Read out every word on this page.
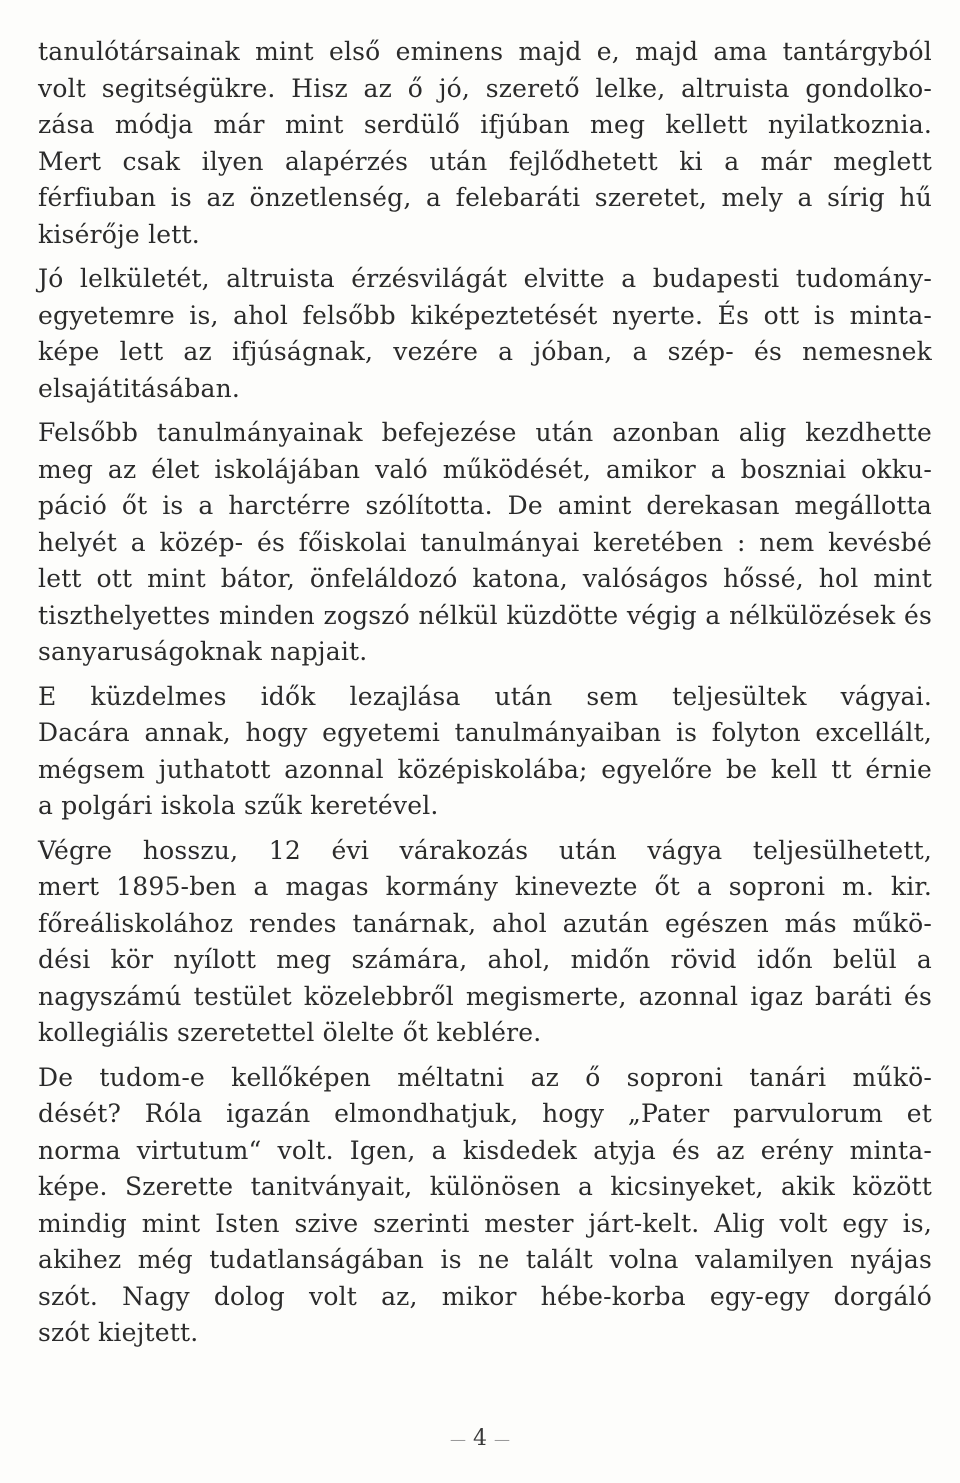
tanulótársainak mint első eminens majd e, majd ama tantárgyból
volt segitségükre. Hisz az ő jó, szerető lelke, altruista gondolko-
zása módja már mint serdülő ifjúban meg kellett nyilatkoznia.
Mert csak ilyen alapérzés után fejlődhetett ki a már meglett
férfiuban is az önzetlenség, a felebaráti szeretet, mely a sírig hű
kisérője lett.
Jó lelkületét, altruista érzésvilágát elvitte a budapesti tudomány-
egyetemre is, ahol felsőbb kiképeztetését nyerte. És ott is minta-
képe lett az ifjúságnak, vezére a jóban, a szép- és nemesnek
elsajátitásában.
Felsőbb tanulmányainak befejezése után azonban alig kezdhette
meg az élet iskolájában való működését, amikor a boszniai okku-
páció őt is a harctérre szólította. De amint derekasan megállotta
helyét a közép- és főiskolai tanulmányai keretében : nem kevésbé
lett ott mint bátor, önfeláldozó katona, valóságos hőssé, hol mint
tiszthelyettes minden zogszó nélkül küzdötte végig a nélkülözések és
sanyaruságoknak napjait.
E küzdelmes idők lezajlása után sem teljesültek vágyai.
Dacára annak, hogy egyetemi tanulmányaiban is folyton excellált,
mégsem juthatott azonnal középiskolába; egyelőre be kell tt érnie
a polgári iskola szűk keretével.
Végre hosszu, 12 évi várakozás után vágya teljesülhetett,
mert 1895-ben a magas kormány kinevezte őt a soproni m. kir.
főreáliskolához rendes tanárnak, ahol azután egészen más műkö-
dési kör nyílott meg számára, ahol, midőn rövid időn belül a
nagyszámú testület közelebbről megismerte, azonnal igaz baráti és
kollegiális szeretettel ölelte őt keblére.
De tudom-e kellőképen méltatni az ő soproni tanári műkö-
dését? Róla igazán elmondhatjuk, hogy „Pater parvulorum et
norma virtutum“ volt. Igen, a kisdedek atyja és az erény minta-
képe. Szerette tanitványait, különösen a kicsinyeket, akik között
mindig mint Isten szive szerinti mester járt-kelt. Alig volt egy is,
akihez még tudatlanságában is ne talált volna valamilyen nyájas
szót. Nagy dolog volt az, mikor hébe-korba egy-egy dorgáló
szót kiejtett.
— 4 —
